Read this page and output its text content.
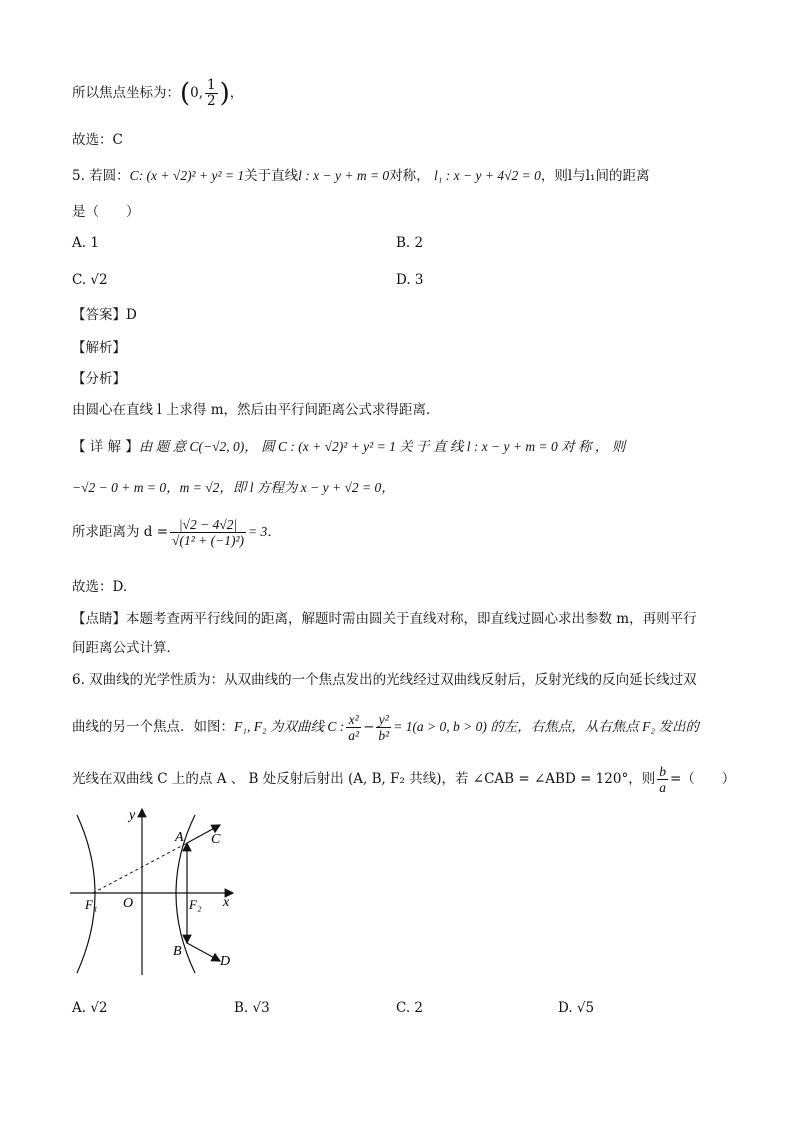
所以焦点坐标为：(0, $\frac{1}{2}$ )，
故选：C
5. 若圆：C: (x + √2)² + y² = 1关于直线l : x − y + m = 0对称， l₁ : x − y + 4√2 = 0，则l与l₁间的距离
是（　　）
A. 1	B. 2
C. √2	D. 3
【答案】D
【解析】
【分析】
由圆心在直线 l 上求得 m，然后由平行间距离公式求得距离．
【 详 解 】由 题 意 C(−√2, 0)， 圆 C : (x + √2)² + y² = 1 关 于 直 线 l : x − y + m = 0 对 称 ， 则
−√2 − 0 + m = 0，m = √2，即 l 方程为 x − y + √2 = 0，
所求距离为 $d = \frac{|√2 - 4√2|}{\text{√(1² + (−1)²)}} = 3$．
故选：D.
【点睛】本题考查两平行线间的距离，解题时需由圆关于直线对称，即直线过圆心求出参数 m，再则平行
间距离公式计算．
6. 双曲线的光学性质为：从双曲线的一个焦点发出的光线经过双曲线反射后，反射光线的反向延长线过双
曲线的另一个焦点．如图：F₁, F₂ 为双曲线 C : $\frac{\text{x²}}{\text{a²}} - \frac{\text{y²}}{\text{b²}} = 1(a > 0$, b > 0) 的左，右焦点，从右焦点 F₂ 发出的
光线在双曲线 C 上的点 A 、 B 处反射后射出 (A, B, F₂ 共线)，若 ∠CAB = ∠ABD = 120°，则 $\frac{b}{a}$ =（　　）
y
x
A C
O
F₁	F₂
B
D
A. √2	B. √3	C. 2	D. √5
